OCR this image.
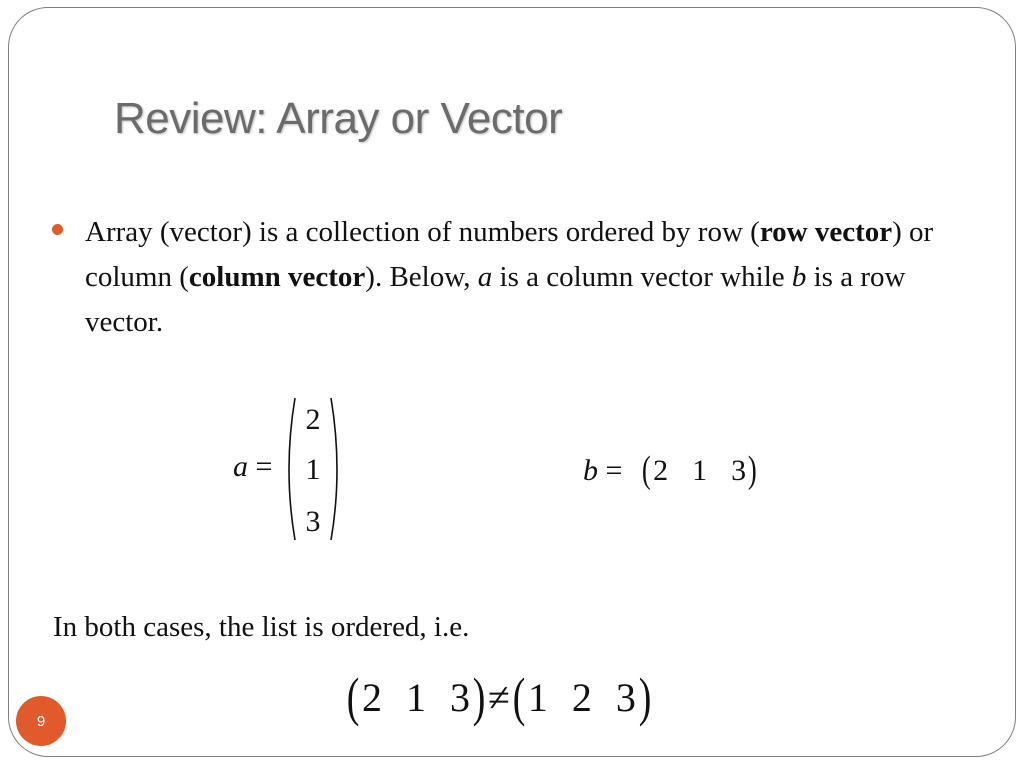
Review: Array or Vector
Array (vector) is a collection of numbers ordered by row (row vector) or column (column vector). Below, a is a column vector while b is a row vector.
a =
2
1
3
b = (2 1 3)
In both cases, the list is ordered, i.e.
(2 1 3)≠(1 2 3)
9
